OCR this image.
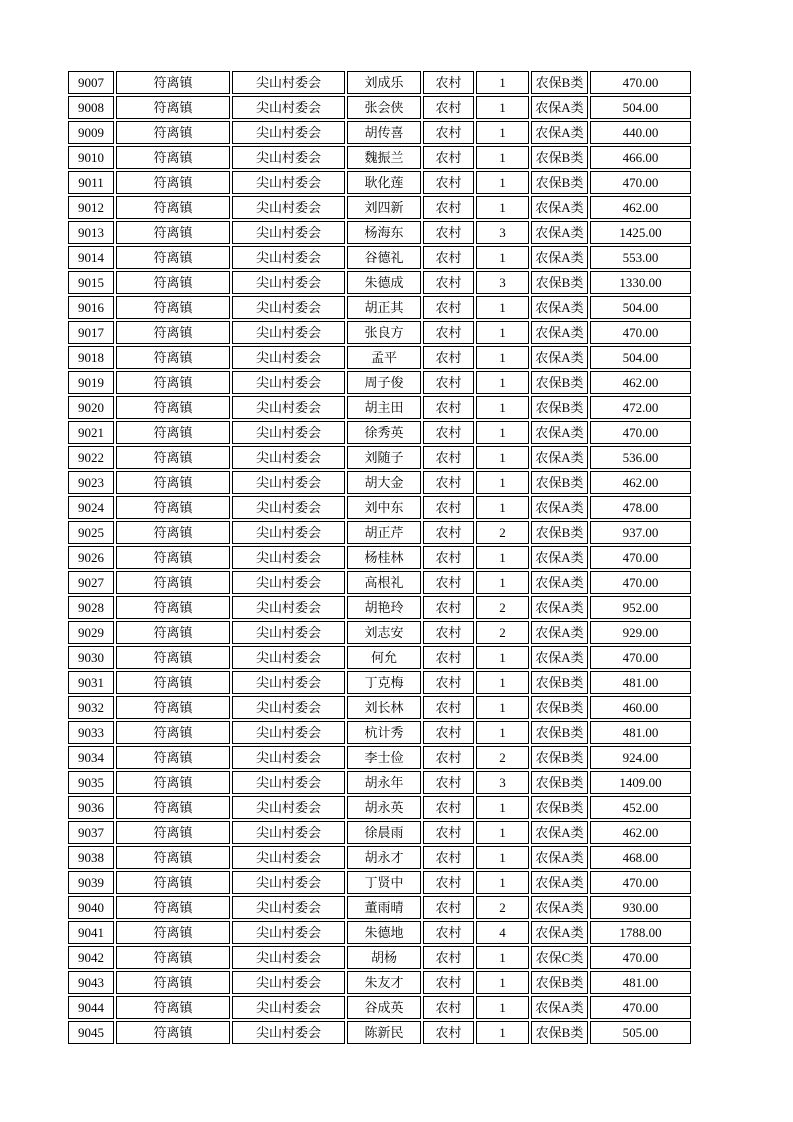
9007	符离镇	尖山村委会	刘成乐	农村	1	农保B类	470.00
9008	符离镇	尖山村委会	张会侠	农村	1	农保A类	504.00
9009	符离镇	尖山村委会	胡传喜	农村	1	农保A类	440.00
9010	符离镇	尖山村委会	魏振兰	农村	1	农保B类	466.00
9011	符离镇	尖山村委会	耿化莲	农村	1	农保B类	470.00
9012	符离镇	尖山村委会	刘四新	农村	1	农保A类	462.00
9013	符离镇	尖山村委会	杨海东	农村	3	农保A类	1425.00
9014	符离镇	尖山村委会	谷德礼	农村	1	农保A类	553.00
9015	符离镇	尖山村委会	朱德成	农村	3	农保B类	1330.00
9016	符离镇	尖山村委会	胡正其	农村	1	农保A类	504.00
9017	符离镇	尖山村委会	张良方	农村	1	农保A类	470.00
9018	符离镇	尖山村委会	孟平	农村	1	农保A类	504.00
9019	符离镇	尖山村委会	周子俊	农村	1	农保B类	462.00
9020	符离镇	尖山村委会	胡主田	农村	1	农保B类	472.00
9021	符离镇	尖山村委会	徐秀英	农村	1	农保A类	470.00
9022	符离镇	尖山村委会	刘随子	农村	1	农保A类	536.00
9023	符离镇	尖山村委会	胡大金	农村	1	农保B类	462.00
9024	符离镇	尖山村委会	刘中东	农村	1	农保A类	478.00
9025	符离镇	尖山村委会	胡正芹	农村	2	农保B类	937.00
9026	符离镇	尖山村委会	杨桂林	农村	1	农保A类	470.00
9027	符离镇	尖山村委会	高根礼	农村	1	农保A类	470.00
9028	符离镇	尖山村委会	胡艳玲	农村	2	农保A类	952.00
9029	符离镇	尖山村委会	刘志安	农村	2	农保A类	929.00
9030	符离镇	尖山村委会	何允	农村	1	农保A类	470.00
9031	符离镇	尖山村委会	丁克梅	农村	1	农保B类	481.00
9032	符离镇	尖山村委会	刘长林	农村	1	农保B类	460.00
9033	符离镇	尖山村委会	杭计秀	农村	1	农保B类	481.00
9034	符离镇	尖山村委会	李士俭	农村	2	农保B类	924.00
9035	符离镇	尖山村委会	胡永年	农村	3	农保B类	1409.00
9036	符离镇	尖山村委会	胡永英	农村	1	农保B类	452.00
9037	符离镇	尖山村委会	徐晨雨	农村	1	农保A类	462.00
9038	符离镇	尖山村委会	胡永才	农村	1	农保A类	468.00
9039	符离镇	尖山村委会	丁贤中	农村	1	农保A类	470.00
9040	符离镇	尖山村委会	董雨晴	农村	2	农保A类	930.00
9041	符离镇	尖山村委会	朱德地	农村	4	农保A类	1788.00
9042	符离镇	尖山村委会	胡杨	农村	1	农保C类	470.00
9043	符离镇	尖山村委会	朱友才	农村	1	农保B类	481.00
9044	符离镇	尖山村委会	谷成英	农村	1	农保A类	470.00
9045	符离镇	尖山村委会	陈新民	农村	1	农保B类	505.00
